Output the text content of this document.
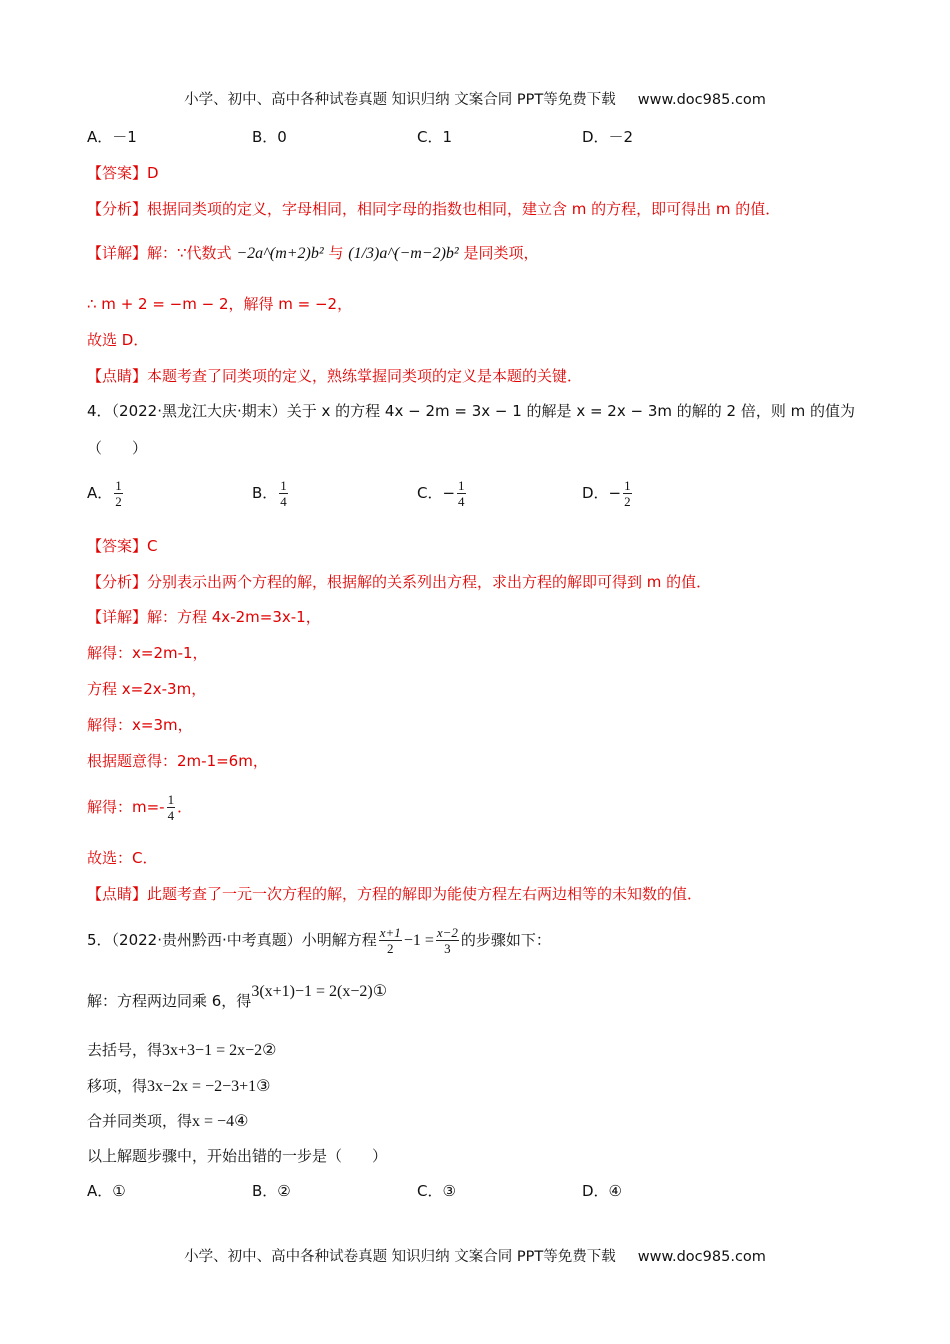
小学、初中、高中各种试卷真题 知识归纳 文案合同 PPT等免费下载 www.doc985.com
A．－1	B．0	C．1	D．－2
【答案】D
【分析】根据同类项的定义，字母相同，相同字母的指数也相同，建立含 m 的方程，即可得出 m 的值．
【详解】解：∵代数式 −2a^(m+2)b² 与 (1/3)a^(−m−2)b² 是同类项，
∴ m + 2 = −m − 2，解得 m = −2，
故选 D．
【点睛】本题考查了同类项的定义，熟练掌握同类项的定义是本题的关键．
4．（2022·黑龙江大庆·期末）关于 x 的方程 4x − 2m = 3x − 1 的解是 x = 2x − 3m 的解的 2 倍，则 m 的值为
（　　）
A． $\frac{1}{2}$	B． $\frac{1}{4}$	C．− $\frac{1}{4}$	D．− $\frac{1}{2}$
【答案】C
【分析】分别表示出两个方程的解，根据解的关系列出方程，求出方程的解即可得到 m 的值．
【详解】解：方程 4x-2m=3x-1，
解得：x=2m-1，
方程 x=2x-3m，
解得：x=3m，
根据题意得：2m-1=6m，
解得：$m=- \frac{1}{4}$ ．
故选：C．
【点睛】此题考查了一元一次方程的解，方程的解即为能使方程左右两边相等的未知数的值．
5．（2022·贵州黔西·中考真题）小明解方程 $\frac{x+1}{2} -1 = \frac{x-2}{3}$ 的步骤如下：
解：方程两边同乘 6，得3(x+1)−1 = 2(x−2)①
去括号，得3x+3−1 = 2x−2②
移项，得3x−2x = −2−3+1③
合并同类项，得x = −4④
以上解题步骤中，开始出错的一步是（　　）
A．①	B．②	C．③	D．④
小学、初中、高中各种试卷真题 知识归纳 文案合同 PPT等免费下载 www.doc985.com
